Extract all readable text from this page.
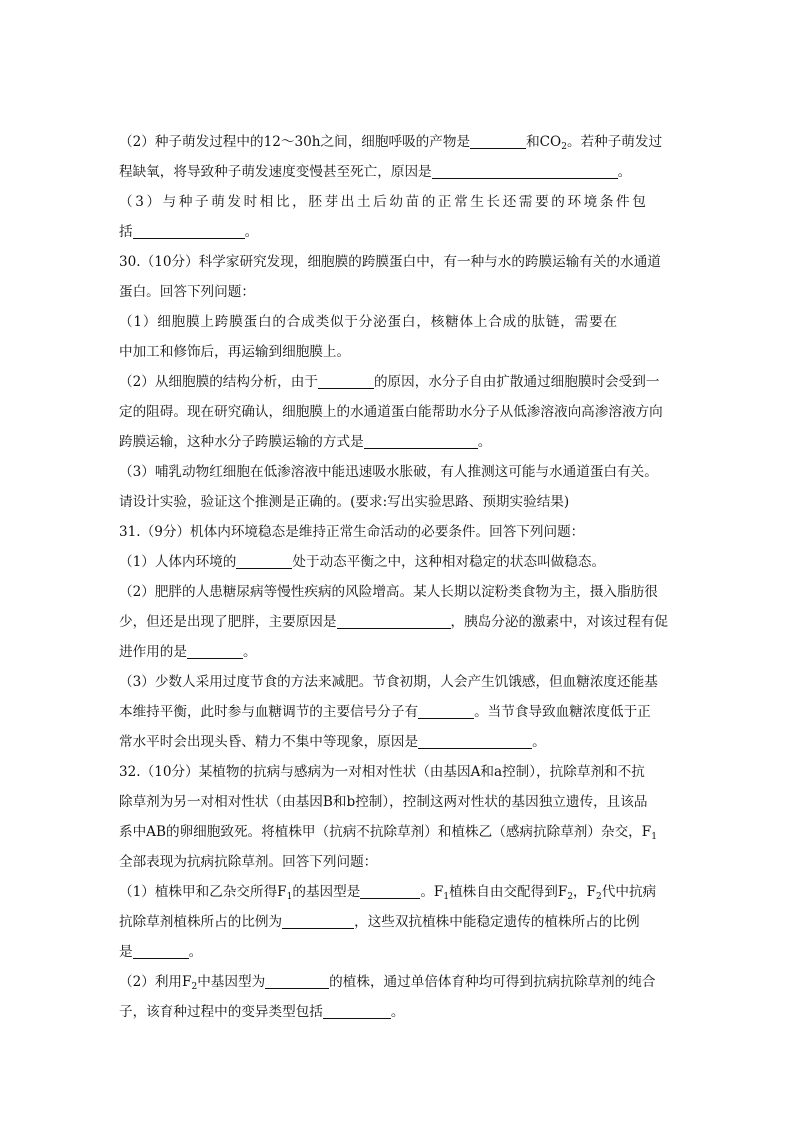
（2）种子萌发过程中的12～30h之间，细胞呼吸的产物是	和$CO_2$。若种子萌发过
程缺氧，将导致种子萌发速度变慢甚至死亡，原因是	。
（3）与种子萌发时相比，胚芽出土后幼苗的正常生长还需要的环境条件包
括	。
30.（10分）科学家研究发现，细胞膜的跨膜蛋白中，有一种与水的跨膜运输有关的水通道
蛋白。回答下列问题：
（1）细胞膜上跨膜蛋白的合成类似于分泌蛋白，核糖体上合成的肽链，需要在
中加工和修饰后，再运输到细胞膜上。
（2）从细胞膜的结构分析，由于	的原因，水分子自由扩散通过细胞膜时会受到一
定的阻碍。现在研究确认，细胞膜上的水通道蛋白能帮助水分子从低渗溶液向高渗溶液方向
跨膜运输，这种水分子跨膜运输的方式是	。
（3）哺乳动物红细胞在低渗溶液中能迅速吸水胀破，有人推测这可能与水通道蛋白有关。
请设计实验，验证这个推测是正确的。(要求:写出实验思路、预期实验结果)
31.（9分）机体内环境稳态是维持正常生命活动的必要条件。回答下列问题：
（1）人体内环境的	处于动态平衡之中，这种相对稳定的状态叫做稳态。
（2）肥胖的人患糖尿病等慢性疾病的风险增高。某人长期以淀粉类食物为主，摄入脂肪很
少，但还是出现了肥胖，主要原因是	，胰岛分泌的激素中，对该过程有促
进作用的是	。
（3）少数人采用过度节食的方法来减肥。节食初期，人会产生饥饿感，但血糖浓度还能基
本维持平衡，此时参与血糖调节的主要信号分子有	。当节食导致血糖浓度低于正
常水平时会出现头昏、精力不集中等现象，原因是	。
32.（10分）某植物的抗病与感病为一对相对性状（由基因A和a控制），抗除草剂和不抗
除草剂为另一对相对性状（由基因B和b控制），控制这两对性状的基因独立遗传，且该品
系中AB的卵细胞致死。将植株甲（抗病不抗除草剂）和植株乙（感病抗除草剂）杂交，$F_1$
全部表现为抗病抗除草剂。回答下列问题：
（1）植株甲和乙杂交所得$F_1$的基因型是	。$F_1$植株自由交配得到$F_2$，$F_2$代中抗病
抗除草剂植株所占的比例为	，这些双抗植株中能稳定遗传的植株所占的比例
是	。
（2）利用$F_2$中基因型为	的植株，通过单倍体育种均可得到抗病抗除草剂的纯合
子，该育种过程中的变异类型包括	。
